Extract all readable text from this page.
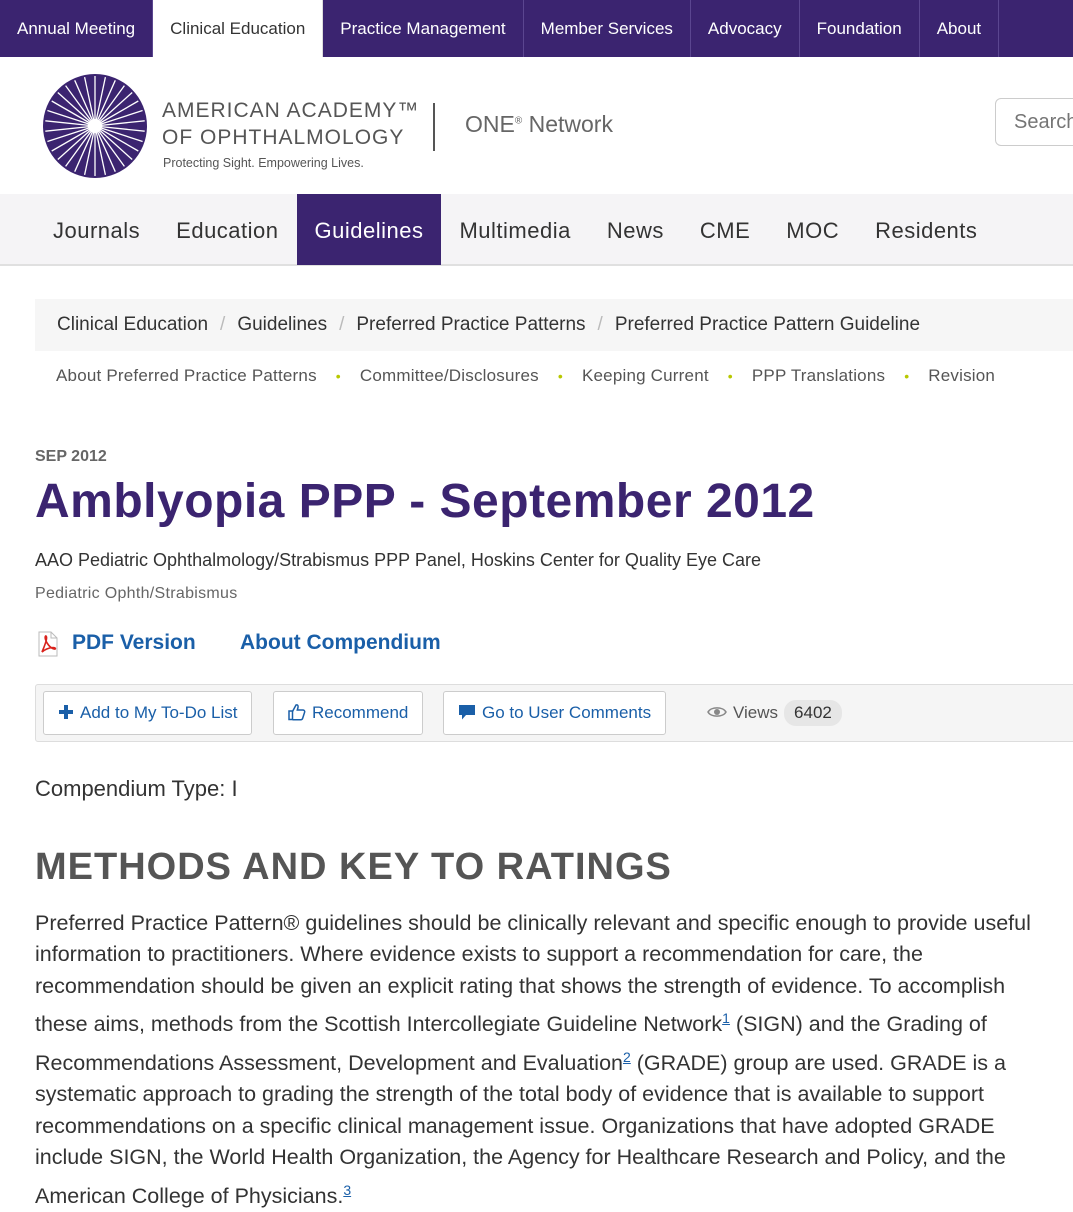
Annual Meeting	Clinical Education	Practice Management	Member Services	Advocacy	Foundation	About
AMERICAN ACADEMY™
OF OPHTHALMOLOGY
Protecting Sight. Empowering Lives.
ONE® Network
Search
Journals	Education	Guidelines	Multimedia	News	CME	MOC	Residents
Clinical Education / Guidelines / Preferred Practice Patterns / Preferred Practice Pattern Guideline
About Preferred Practice Patterns • Committee/Disclosures • Keeping Current • PPP Translations • Revision
SEP 2012
Amblyopia PPP - September 2012
AAO Pediatric Ophthalmology/Strabismus PPP Panel, Hoskins Center for Quality Eye Care
Pediatric Ophth/Strabismus
PDF Version About Compendium
Add to My To-Do List	Recommend	Go to User Comments	Views 6402
Compendium Type: I
METHODS AND KEY TO RATINGS

Preferred Practice Pattern® guidelines should be clinically relevant and specific enough to provide useful information to practitioners. Where evidence exists to support a recommendation for care, the recommendation should be given an explicit rating that shows the strength of evidence. To accomplish these aims, methods from the Scottish Intercollegiate Guideline Network$^1$ (SIGN) and the Grading of Recommendations Assessment, Development and Evaluation$^2$ (GRADE) group are used. GRADE is a systematic approach to grading the strength of the total body of evidence that is available to support recommendations on a specific clinical management issue. Organizations that have adopted GRADE include SIGN, the World Health Organization, the Agency for Healthcare Research and Policy, and the American College of Physicians.$^3$
